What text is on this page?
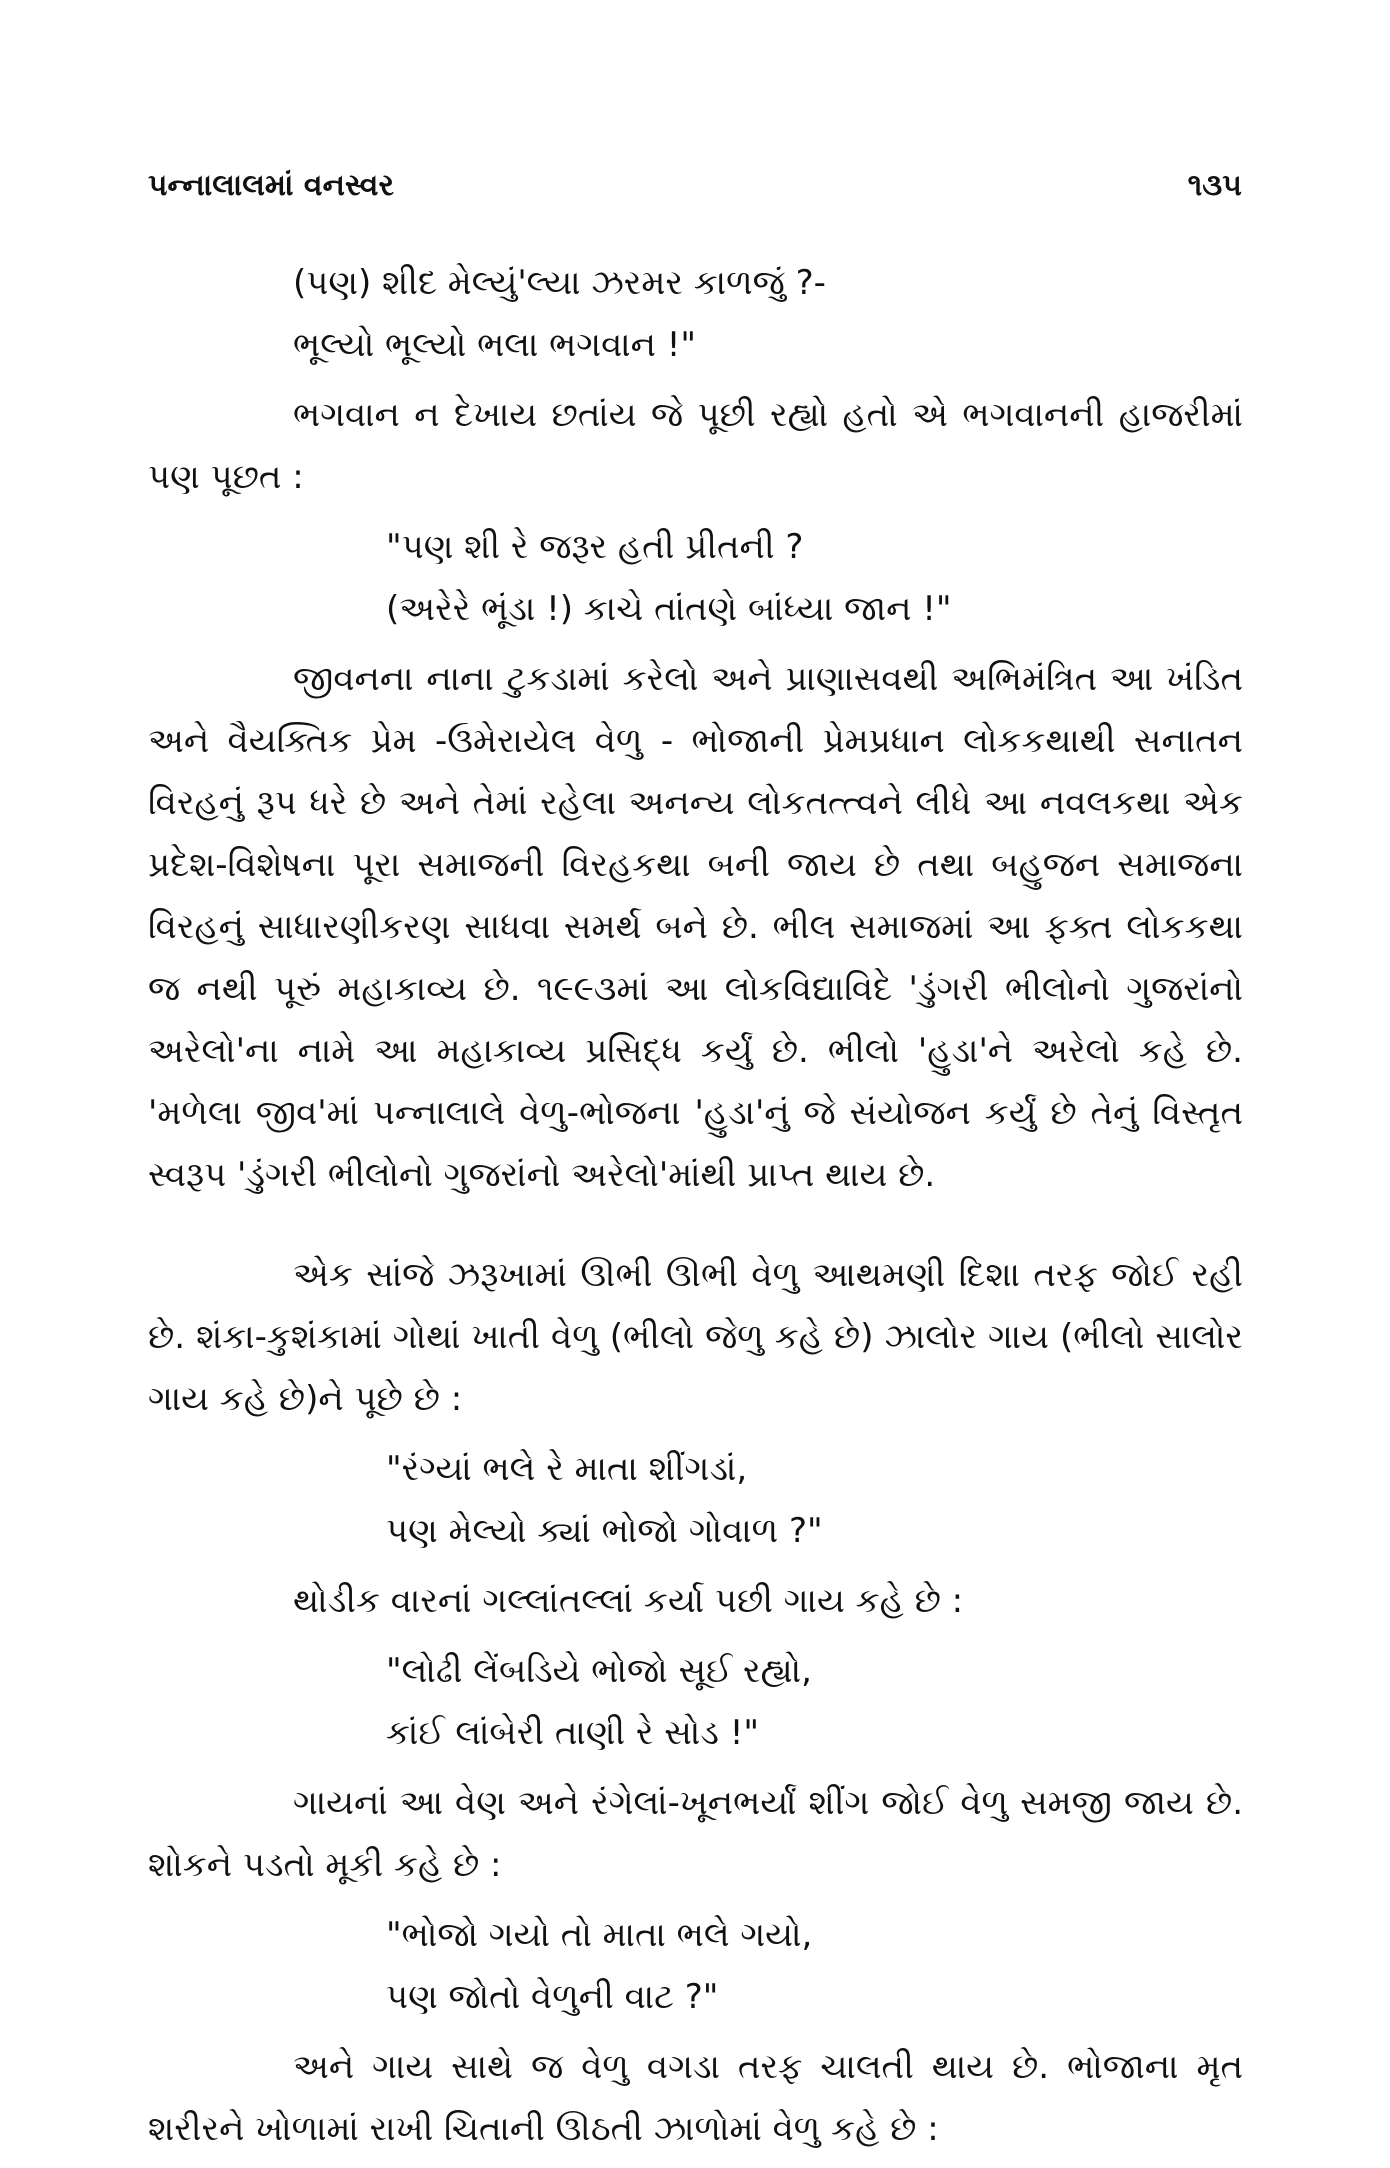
પન્નાલાલમાં વનસ્વર	૧૩૫
(પણ) શીદ મેલ્યું'લ્યા ઝરમર કાળજું ?-
ભૂલ્યો ભૂલ્યો ભલા ભગવાન !"

ભગવાન ન દેખાય છતાંય જે પૂછી રહ્યો હતો એ ભગવાનની હાજરીમાં પણ પૂછત :

"પણ શી રે જરૂર હતી પ્રીતની ?
(અરેરે ભૂંડા !) કાચે તાંતણે બાંધ્યા જાન !"

જીવનના નાના ટુકડામાં કરેલો અને પ્રાણાસવથી અભિમંત્રિત આ ખંડિત અને વૈયક્તિક પ્રેમ -ઉમેરાયેલ વેળુ - ભોજાની પ્રેમપ્રધાન લોકકથાથી સનાતન વિરહનું રૂપ ધરે છે અને તેમાં રહેલા અનન્ય લોકતત્ત્વને લીધે આ નવલકથા એક પ્રદેશ-વિશેષના પૂરા સમાજની વિરહકથા બની જાય છે તથા બહુજન સમાજના વિરહનું સાધારણીકરણ સાધવા સમર્થ બને છે. ભીલ સમાજમાં આ ફક્ત લોકકથા જ નથી પૂરું મહાકાવ્ય છે. ૧૯૯૩માં આ લોકવિદ્યાવિદે 'ડુંગરી ભીલોનો ગુજરાંનો અરેલો'ના નામે આ મહાકાવ્ય પ્રસિદ્ધ કર્યું છે. ભીલો 'હુડા'ને અરેલો કહે છે. 'મળેલા જીવ'માં પન્નાલાલે વેળુ-ભોજના 'હુડા'નું જે સંયોજન કર્યું છે તેનું વિસ્તૃત સ્વરૂપ 'ડુંગરી ભીલોનો ગુજરાંનો અરેલો'માંથી પ્રાપ્ત થાય છે.

એક સાંજે ઝરૂખામાં ઊભી ઊભી વેળુ આથમણી દિશા તરફ જોઈ રહી છે. શંકા-કુશંકામાં ગોથાં ખાતી વેળુ (ભીલો જેળુ કહે છે) ઝાલોર ગાય (ભીલો સાલોર ગાય કહે છે)ને પૂછે છે :

"રંગ્યાં ભલે રે માતા શીંગડાં,
પણ મેલ્યો ક્યાં ભોજો ગોવાળ ?"

થોડીક વારનાં ગલ્લાંતલ્લાં કર્યા પછી ગાય કહે છે :

"લોઢી લેંબડિયે ભોજો સૂઈ રહ્યો,
કાંઈ લાંબેરી તાણી રે સોડ !"

ગાયનાં આ વેણ અને રંગેલાં-ખૂનભર્યાં શીંગ જોઈ વેળુ સમજી જાય છે. શોકને પડતો મૂકી કહે છે :

"ભોજો ગયો તો માતા ભલે ગયો,
પણ જોતો વેળુની વાટ ?"

અને ગાય સાથે જ વેળુ વગડા તરફ ચાલતી થાય છે. ભોજાના મૃત શરીરને ખોળામાં રાખી ચિતાની ઊઠતી ઝાળોમાં વેળુ કહે છે :
